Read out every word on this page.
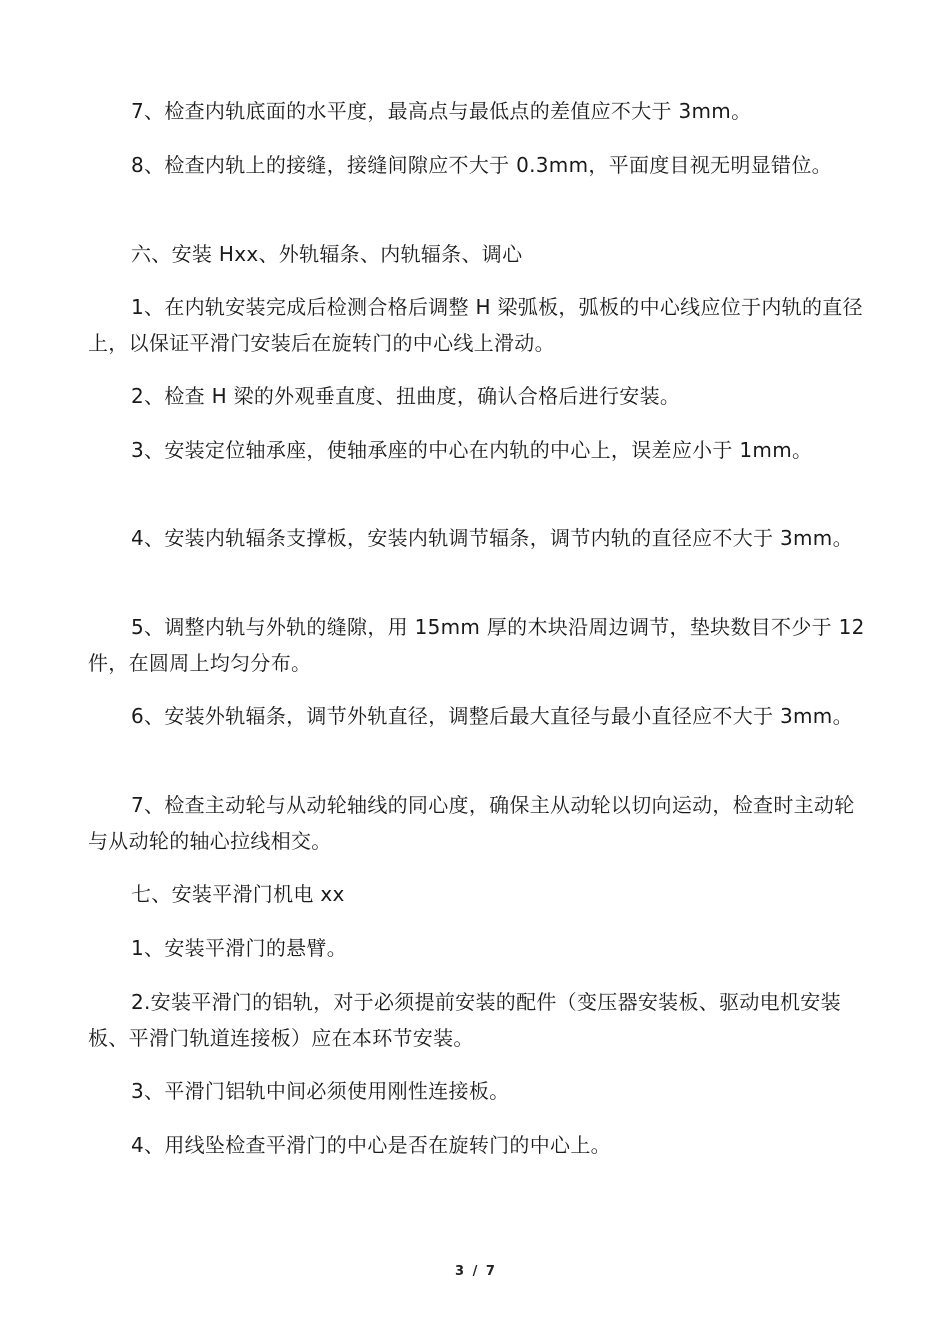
7、检查内轨底面的水平度，最高点与最低点的差值应不大于 3mm。

8、检查内轨上的接缝，接缝间隙应不大于 0.3mm，平面度目视无明显错位。

六、安装 Hxx、外轨辐条、内轨辐条、调心

1、在内轨安装完成后检测合格后调整 H 梁弧板，弧板的中心线应位于内轨的直径上，以保证平滑门安装后在旋转门的中心线上滑动。

2、检查 H 梁的外观垂直度、扭曲度，确认合格后进行安装。

3、安装定位轴承座，使轴承座的中心在内轨的中心上，误差应小于 1mm。

4、安装内轨辐条支撑板，安装内轨调节辐条，调节内轨的直径应不大于 3mm。

5、调整内轨与外轨的缝隙，用 15mm 厚的木块沿周边调节，垫块数目不少于 12 件，在圆周上均匀分布。

6、安装外轨辐条，调节外轨直径，调整后最大直径与最小直径应不大于 3mm。

7、检查主动轮与从动轮轴线的同心度，确保主从动轮以切向运动，检查时主动轮与从动轮的轴心拉线相交。

七、安装平滑门机电 xx

1、安装平滑门的悬臂。

2.安装平滑门的铝轨，对于必须提前安装的配件（变压器安装板、驱动电机安装板、平滑门轨道连接板）应在本环节安装。

3、平滑门铝轨中间必须使用刚性连接板。

4、用线坠检查平滑门的中心是否在旋转门的中心上。

3 / 7
